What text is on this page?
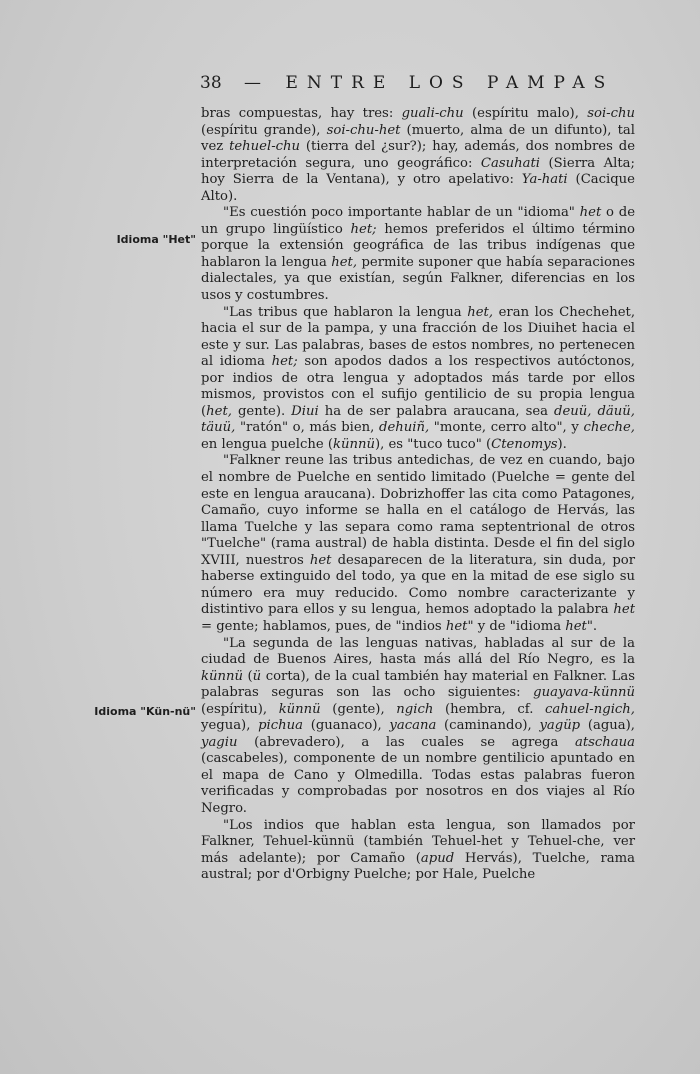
38 — ENTRE LOS PAMPAS
Idioma "Het"
Idioma "Kün-nü"

bras compuestas, hay tres: guali-chu (espíritu malo), soi-chu (espíritu grande), soi-chu-het (muerto, alma de un difunto), tal vez tehuel-chu (tierra del ¿sur?); hay, además, dos nombres de interpretación segura, uno geográfico: Casuhati (Sierra Alta; hoy Sierra de la Ventana), y otro apelativo: Ya-hati (Cacique Alto).

"Es cuestión poco importante hablar de un "idioma" het o de un grupo lingüístico het; hemos preferidos el último término porque la extensión geográfica de las tribus indígenas que hablaron la lengua het, permite suponer que había separaciones dialectales, ya que existían, según Falkner, diferencias en los usos y costumbres.

"Las tribus que hablaron la lengua het, eran los Chechehet, hacia el sur de la pampa, y una fracción de los Diuihet hacia el este y sur. Las palabras, bases de estos nombres, no pertenecen al idioma het; son apodos dados a los respectivos autóctonos, por indios de otra lengua y adoptados más tarde por ellos mismos, provistos con el sufijo gentilicio de su propia lengua (het, gente). Diui ha de ser palabra araucana, sea deuü, däuü, täuü, "ratón" o, más bien, dehuiñ, "monte, cerro alto", y cheche, en lengua puelche (künnü), es "tuco tuco" (Ctenomys).

"Falkner reune las tribus antedichas, de vez en cuando, bajo el nombre de Puelche en sentido limitado (Puelche = gente del este en lengua araucana). Dobrizhoffer las cita como Patagones, Camaño, cuyo informe se halla en el catálogo de Hervás, las llama Tuelche y las separa como rama septentrional de otros "Tuelche" (rama austral) de habla distinta. Desde el fin del siglo XVIII, nuestros het desaparecen de la literatura, sin duda, por haberse extinguido del todo, ya que en la mitad de ese siglo su número era muy reducido. Como nombre caracterizante y distintivo para ellos y su lengua, hemos adoptado la palabra het = gente; hablamos, pues, de "indios het" y de "idioma het".

"La segunda de las lenguas nativas, habladas al sur de la ciudad de Buenos Aires, hasta más allá del Río Negro, es la künnü (ü corta), de la cual también hay material en Falkner. Las palabras seguras son las ocho siguientes: guayava-künnü (espíritu), künnü (gente), ngich (hembra, cf. cahuel-ngich, yegua), pichua (guanaco), yacana (caminando), yagüp (agua), yagiu (abrevadero), a las cuales se agrega atschaua (cascabeles), componente de un nombre gentilicio apuntado en el mapa de Cano y Olmedilla. Todas estas palabras fueron verificadas y comprobadas por nosotros en dos viajes al Río Negro.

"Los indios que hablan esta lengua, son llamados por Falkner, Tehuel-künnü (también Tehuel-het y Tehuel-che, ver más adelante); por Camaño (apud Hervás), Tuelche, rama austral; por d'Orbigny Puelche; por Hale, Puelche
